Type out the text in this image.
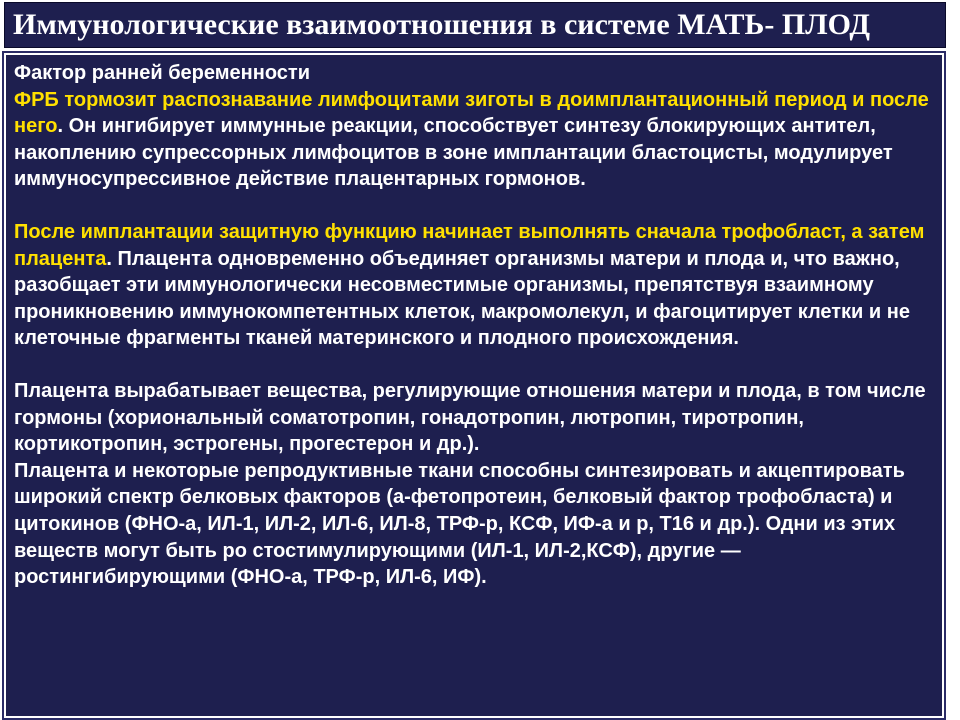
Иммунологические взаимоотношения в системе МАТЬ- ПЛОД

Фактор ранней беременности

ФРБ тормозит распознавание лимфоцитами зиготы в доимплантационный период и после него. Он ингибирует иммунные реакции, способствует синтезу блокирующих антител, накоплению супрессорных лимфоцитов в зоне имплантации бластоцисты, модулирует иммуносупрессивное действие плацентарных гормонов.

После имплантации защитную функцию начинает выполнять сначала трофобласт, а затем плацента. Плацента одновременно объединяет организмы матери и плода и, что важно, разобщает эти иммунологически несовместимые организмы, препятствуя взаимному проникновению иммунокомпетентных клеток, макромолекул, и фагоцитирует клетки и не клеточные фрагменты тканей материнского и плодного происхождения.

Плацента вырабатывает вещества, регулирующие отношения матери и плода, в том числе гормоны (хориональный соматотропин, гонадотропин, лютропин, тиротропин, кортикотропин, эстрогены, прогестерон и др.).

Плацента и некоторые репродуктивные ткани способны синтезировать и акцептировать широкий спектр белковых факторов (а-фетопротеин, белковый фактор трофобласта) и цитокинов (ФНО-а, ИЛ-1, ИЛ-2, ИЛ-6, ИЛ-8, ТРФ-р, КСФ, ИФ-а и р, Т16 и др.). Одни из этих веществ могут быть ро стостимулирующими (ИЛ-1, ИЛ-2,КСФ), другие — ростингибирующими (ФНО-а, ТРФ-р, ИЛ-6, ИФ).
